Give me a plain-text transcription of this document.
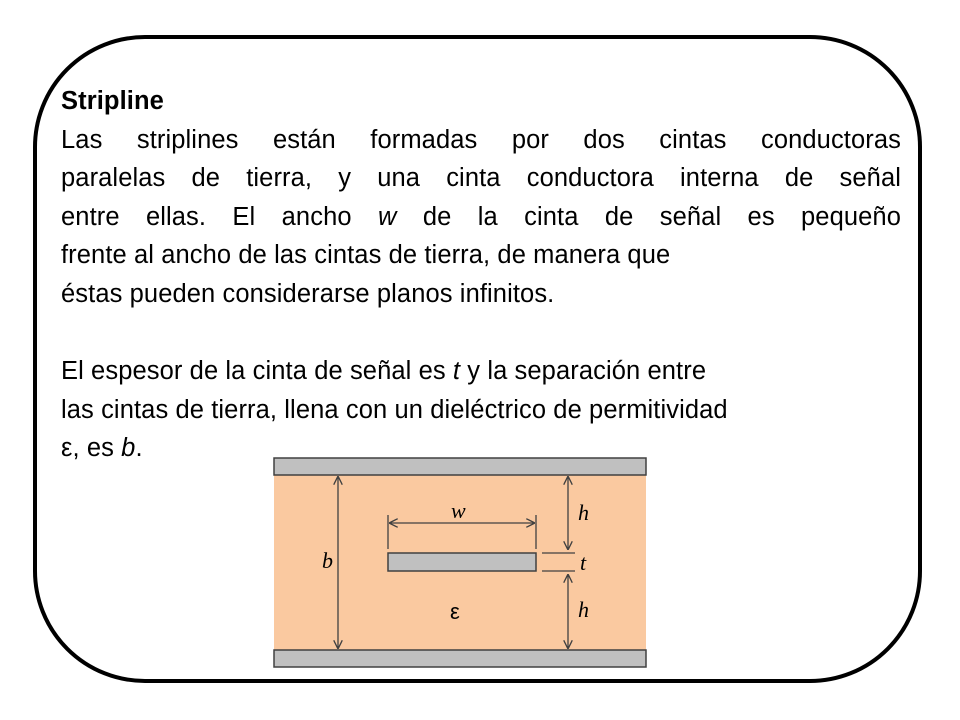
Stripline
Las striplines están formadas por dos cintas conductoras
paralelas de tierra, y una cinta conductora interna de señal
entre ellas. El ancho w de la cinta de señal es pequeño
frente al ancho de las cintas de tierra, de manera que
éstas pueden considerarse planos infinitos.
El espesor de la cinta de señal es t y la separación entre
las cintas de tierra, llena con un dieléctrico de permitividad
ε, es b.
b
w	h
t
h
ε
